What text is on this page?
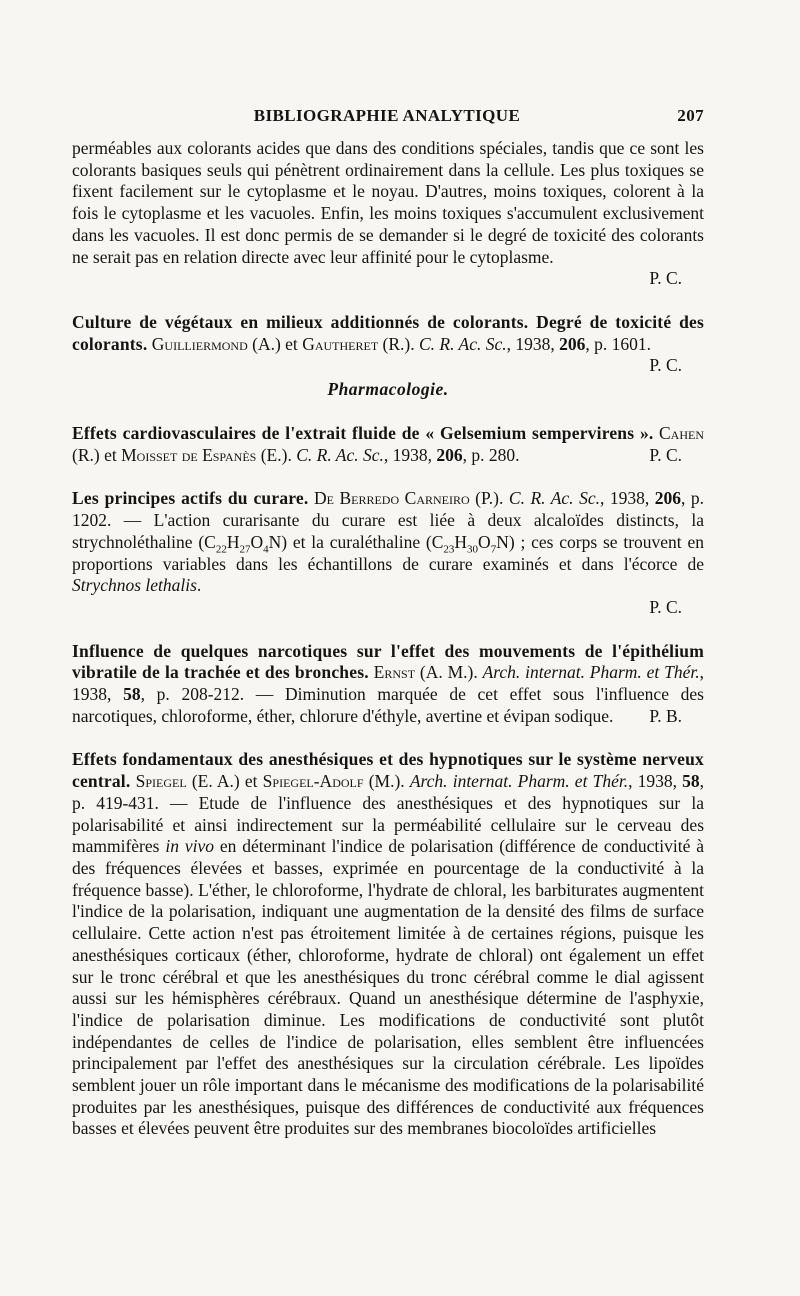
BIBLIOGRAPHIE ANALYTIQUE	207

perméables aux colorants acides que dans des conditions spéciales, tandis que ce sont les colorants basiques seuls qui pénètrent ordinairement dans la cellule. Les plus toxiques se fixent facilement sur le cytoplasme et le noyau. D'autres, moins toxiques, colorent à la fois le cytoplasme et les vacuoles. Enfin, les moins toxiques s'accumulent exclusivement dans les vacuoles. Il est donc permis de se demander si le degré de toxicité des colorants ne serait pas en relation directe avec leur affinité pour le cytoplasme.

P. C.

Culture de végétaux en milieux additionnés de colorants. Degré de toxicité des colorants. Guilliermond (A.) et Gautheret (R.). C. R. Ac. Sc., 1938, 206, p. 1601.
P. C.

Pharmacologie.

Effets cardiovasculaires de l'extrait fluide de « Gelsemium sempervirens ». Cahen (R.) et Moisset de Espanès (E.). C. R. Ac. Sc., 1938, 206, p. 280.	P. C.

Les principes actifs du curare. De Berredo Carneiro (P.). C. R. Ac. Sc., 1938, 206, p. 1202. — L'action curarisante du curare est liée à deux alcaloïdes distincts, la strychnoléthaline $(C_{22}H_{27}O_4N)$ et la curaléthaline $(C_{23}H_{30}O_7N)$ ; ces corps se trouvent en proportions variables dans les échantillons de curare examinés et dans l'écorce de Strychnos lethalis.

P. C.

Influence de quelques narcotiques sur l'effet des mouvements de l'épithélium vibratile de la trachée et des bronches. Ernst (A. M.). Arch. internat. Pharm. et Thér., 1938, 58, p. 208-212. — Diminution marquée de cet effet sous l'influence des narcotiques, chloroforme, éther, chlorure d'éthyle, avertine et évipan sodique. P. B.

Effets fondamentaux des anesthésiques et des hypnotiques sur le système nerveux central. Spiegel (E. A.) et Spiegel-Adolf (M.). Arch. internat. Pharm. et Thér., 1938, 58, p. 419-431. — Etude de l'influence des anesthésiques et des hypnotiques sur la polarisabilité et ainsi indirectement sur la perméabilité cellulaire sur le cerveau des mammifères in vivo en déterminant l'indice de polarisation (différence de conductivité à des fréquences élevées et basses, exprimée en pourcentage de la conductivité à la fréquence basse). L'éther, le chloroforme, l'hydrate de chloral, les barbiturates augmentent l'indice de la polarisation, indiquant une augmentation de la densité des films de surface cellulaire. Cette action n'est pas étroitement limitée à de certaines régions, puisque les anesthésiques corticaux (éther, chloroforme, hydrate de chloral) ont également un effet sur le tronc cérébral et que les anesthésiques du tronc cérébral comme le dial agissent aussi sur les hémisphères cérébraux. Quand un anesthésique détermine de l'asphyxie, l'indice de polarisation diminue. Les modifications de conductivité sont plutôt indépendantes de celles de l'indice de polarisation, elles semblent être influencées principalement par l'effet des anesthésiques sur la circulation cérébrale. Les lipoïdes semblent jouer un rôle important dans le mécanisme des modifications de la polarisabilité produites par les anesthésiques, puisque des différences de conductivité aux fréquences basses et élevées peuvent être produites sur des membranes biocoloïdes artificielles
